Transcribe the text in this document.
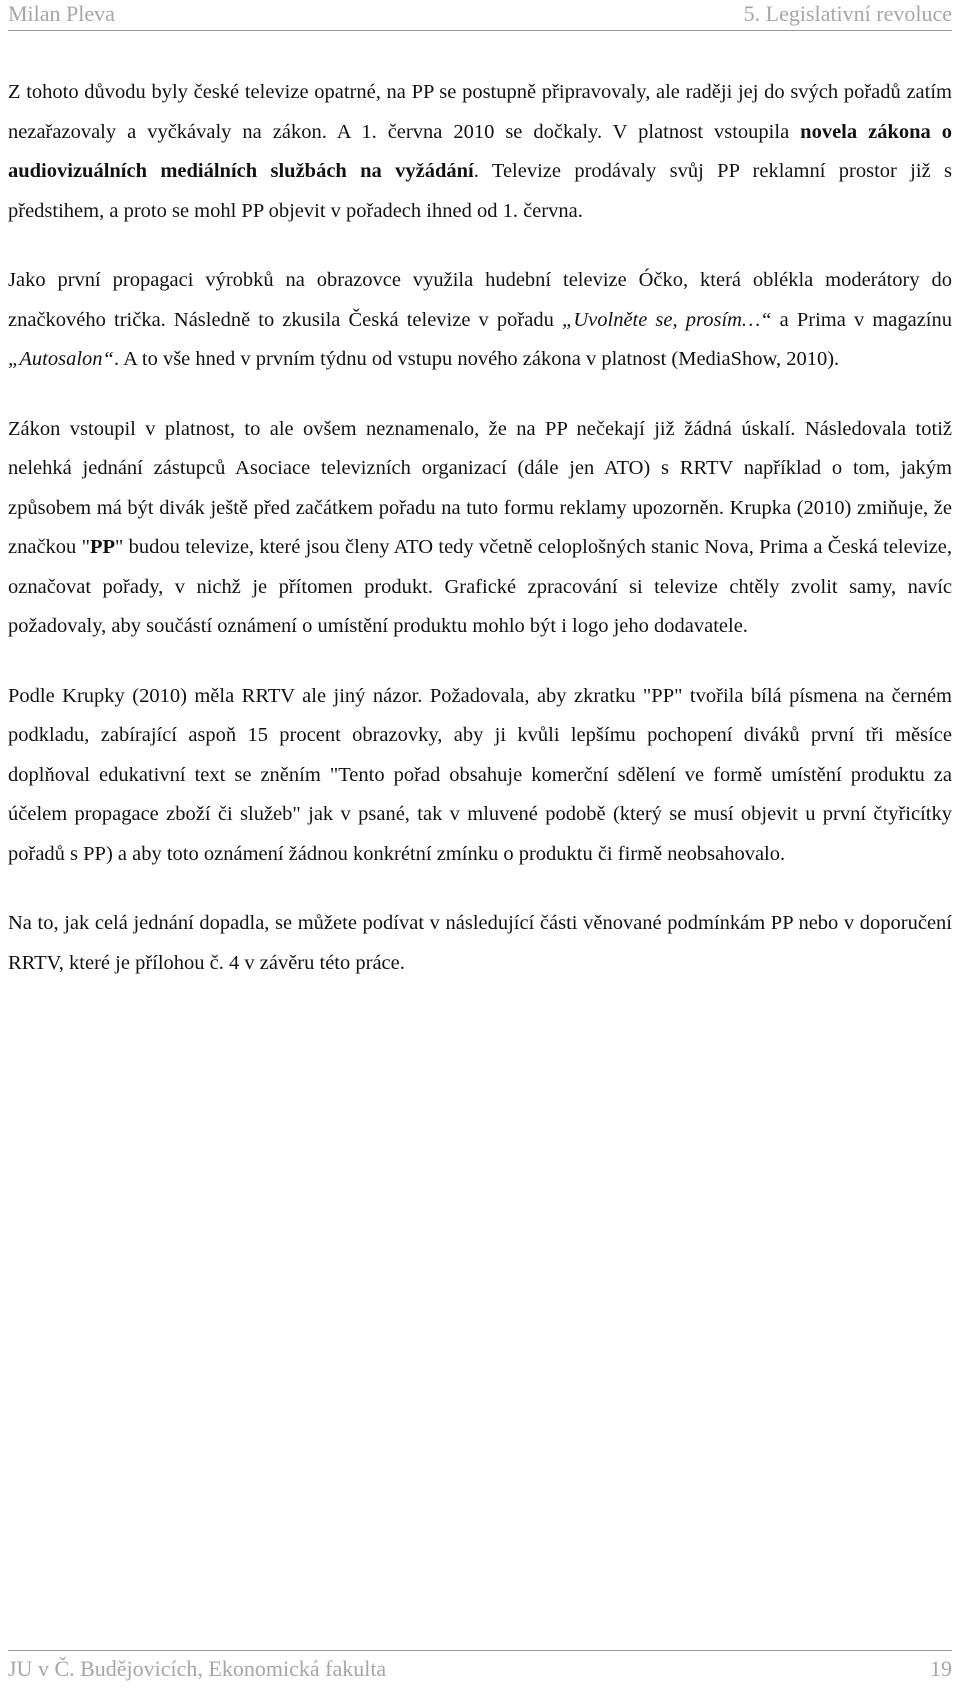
Milan Pleva	5. Legislativní revoluce

Z tohoto důvodu byly české televize opatrné, na PP se postupně připravovaly, ale raději jej do svých pořadů zatím nezařazovaly a vyčkávaly na zákon. A 1. června 2010 se dočkaly. V platnost vstoupila novela zákona o audiovizuálních mediálních službách na vyžádání. Televize prodávaly svůj PP reklamní prostor již s předstihem, a proto se mohl PP objevit v pořadech ihned od 1. června.

Jako první propagaci výrobků na obrazovce využila hudební televize Óčko, která oblékla moderátory do značkového trička. Následně to zkusila Česká televize v pořadu „Uvolněte se, prosím…“ a Prima v magazínu „Autosalon“. A to vše hned v prvním týdnu od vstupu nového zákona v platnost (MediaShow, 2010).

Zákon vstoupil v platnost, to ale ovšem neznamenalo, že na PP nečekají již žádná úskalí. Následovala totiž nelehká jednání zástupců Asociace televizních organizací (dále jen ATO) s RRTV například o tom, jakým způsobem má být divák ještě před začátkem pořadu na tuto formu reklamy upozorněn. Krupka (2010) zmiňuje, že značkou "PP" budou televize, které jsou členy ATO tedy včetně celoplošných stanic Nova, Prima a Česká televize, označovat pořady, v nichž je přítomen produkt. Grafické zpracování si televize chtěly zvolit samy, navíc požadovaly, aby součástí oznámení o umístění produktu mohlo být i logo jeho dodavatele.

Podle Krupky (2010) měla RRTV ale jiný názor. Požadovala, aby zkratku "PP" tvořila bílá písmena na černém podkladu, zabírající aspoň 15 procent obrazovky, aby ji kvůli lepšímu pochopení diváků první tři měsíce doplňoval edukativní text se zněním "Tento pořad obsahuje komerční sdělení ve formě umístění produktu za účelem propagace zboží či služeb" jak v psané, tak v mluvené podobě (který se musí objevit u první čtyřicítky pořadů s PP) a aby toto oznámení žádnou konkrétní zmínku o produktu či firmě neobsahovalo.

Na to, jak celá jednání dopadla, se můžete podívat v následující části věnované podmínkám PP nebo v doporučení RRTV, které je přílohou č. 4 v závěru této práce.

JU v Č. Budějovicích, Ekonomická fakulta	19
